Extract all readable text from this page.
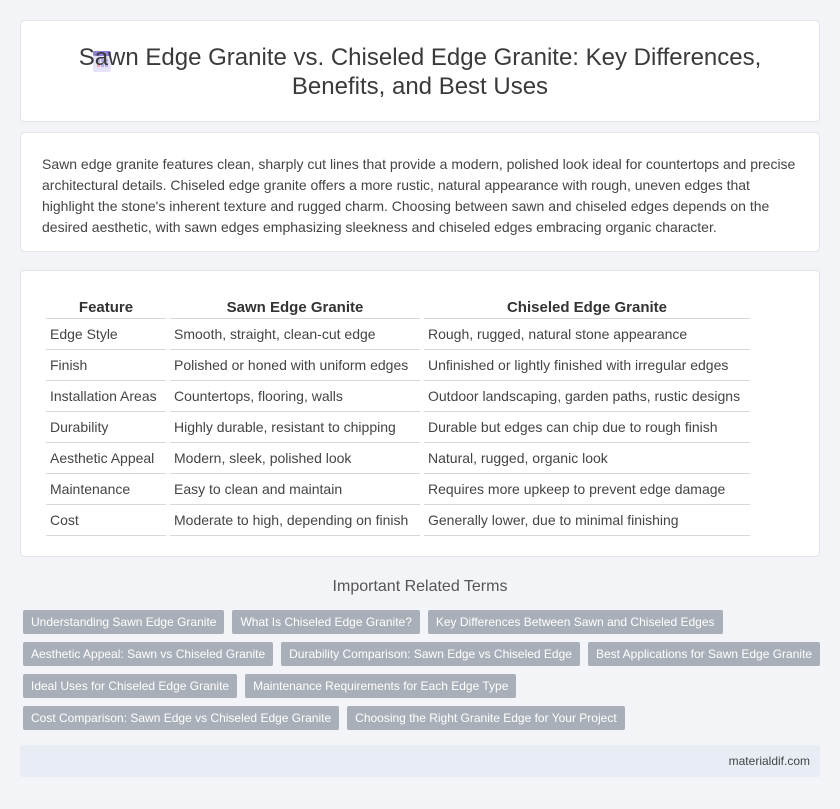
Sawn Edge Granite vs. Chiseled Edge Granite: Key Differences, Benefits, and Best Uses

Sawn edge granite features clean, sharply cut lines that provide a modern, polished look ideal for countertops and precise architectural details. Chiseled edge granite offers a more rustic, natural appearance with rough, uneven edges that highlight the stone's inherent texture and rugged charm. Choosing between sawn and chiseled edges depends on the desired aesthetic, with sawn edges emphasizing sleekness and chiseled edges embracing organic character.

Feature	Sawn Edge Granite	Chiseled Edge Granite
Edge Style	Smooth, straight, clean-cut edge	Rough, rugged, natural stone appearance
Finish	Polished or honed with uniform edges	Unfinished or lightly finished with irregular edges
Installation Areas	Countertops, flooring, walls	Outdoor landscaping, garden paths, rustic designs
Durability	Highly durable, resistant to chipping	Durable but edges can chip due to rough finish
Aesthetic Appeal	Modern, sleek, polished look	Natural, rugged, organic look
Maintenance	Easy to clean and maintain	Requires more upkeep to prevent edge damage
Cost	Moderate to high, depending on finish	Generally lower, due to minimal finishing
Important Related Terms
Understanding Sawn Edge Granite	What Is Chiseled Edge Granite?	Key Differences Between Sawn and Chiseled Edges
Aesthetic Appeal: Sawn vs Chiseled Granite	Durability Comparison: Sawn Edge vs Chiseled Edge	Best Applications for Sawn Edge Granite
Ideal Uses for Chiseled Edge Granite	Maintenance Requirements for Each Edge Type
Cost Comparison: Sawn Edge vs Chiseled Edge Granite	Choosing the Right Granite Edge for Your Project
materialdif.com
